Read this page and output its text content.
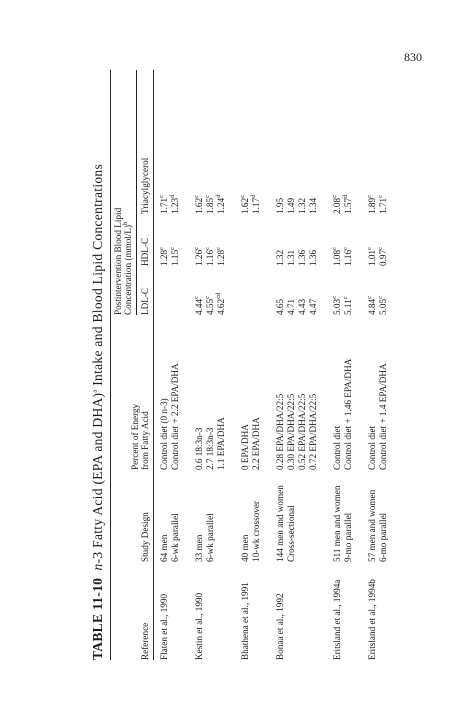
830
TABLE 11-10  n-3 Fatty Acid (EPA and DHA)$^a$ Intake and Blood Lipid Concentrations Postintervention Blood Lipid Concentration (mmol/L)$^b$
Percent of Energy from Fatty Acid
Reference
Study Design
LDL-C
HDL-C
Triacylglycerol
Flaten et al., 1990
64 men
Control diet (0 n-3)
1.28$^c$
1.71$^c$
6-wk parallel
Control diet + 2.2 EPA/DHA
1.15$^c$
1.23$^d$
Kestin et al., 1990
33 men
0.6 18:3n-3
4.44$^c$
1.26$^c$
1.62$^c$
6-wk parallel
2.7 18:3n-3
4.55$^c$
1.16$^c$
1.85$^c$
1.1 EPA/DHA
4.62$^{cd}$
1.28$^c$
1.24$^d$
Bhathena et al., 1991
40 men
0 EPA/DHA
1.62$^c$
10-wk crossover
2.2 EPA/DHA
1.17$^d$
Bonaa et al., 1992
144 men and women
0.28 EPA/DHA/22:5
4.65
1.32
1.95
Cross-sectional
0.30 EPA/DHA/22:5
4.71
1.31
1.49
0.52 EPA/DHA/22:5
4.43
1.36
1.32
0.72 EPA/DHA/22:5
4.47
1.36
1.34
Eritsland et al., 1994a
511 men and women
Control diet
5.03$^c$
1.08$^c$
2.08$^c$
9-mo parallel
Control diet + 1.46 EPA/DHA
5.11$^c$
1.16$^c$
1.57$^d$
Eritsland et al., 1994b
57 men and women
Control diet
4.84$^c$
1.01$^c$
1.89$^c$
6-mo parallel
Control diet + 1.4 EPA/DHA
5.05$^c$
0.97$^c$
1.71$^c$
